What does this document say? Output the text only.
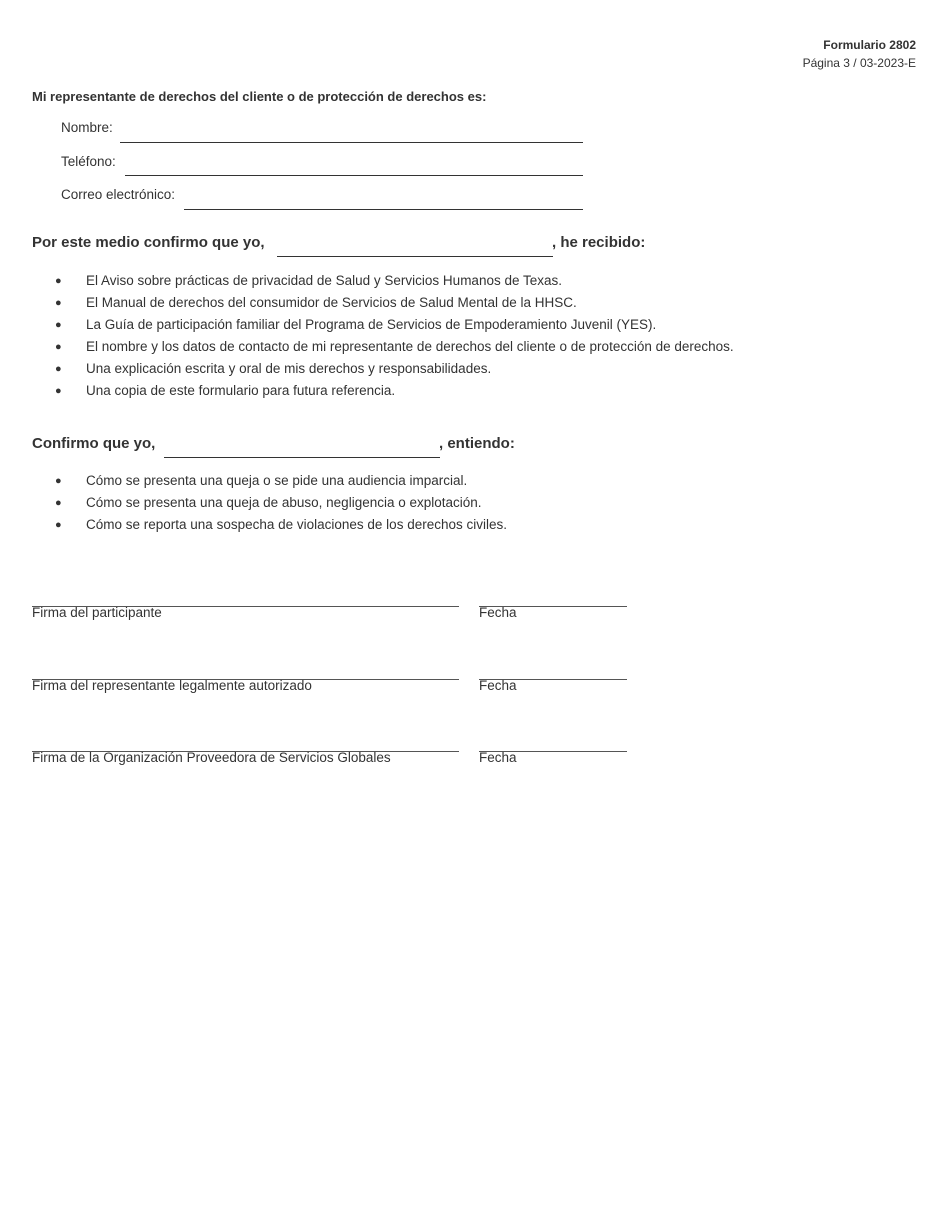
Formulario 2802
Página 3 / 03-2023-E
Mi representante de derechos del cliente o de protección de derechos es:
Nombre:
Teléfono:
Correo electrónico:
Por este medio confirmo que yo,	, he recibido:
● El Aviso sobre prácticas de privacidad de Salud y Servicios Humanos de Texas.
● El Manual de derechos del consumidor de Servicios de Salud Mental de la HHSC.
● La Guía de participación familiar del Programa de Servicios de Empoderamiento Juvenil (YES).
● El nombre y los datos de contacto de mi representante de derechos del cliente o de protección de derechos.
● Una explicación escrita y oral de mis derechos y responsabilidades.
● Una copia de este formulario para futura referencia.
Confirmo que yo,	, entiendo:
● Cómo se presenta una queja o se pide una audiencia imparcial.
● Cómo se presenta una queja de abuso, negligencia o explotación.
● Cómo se reporta una sospecha de violaciones de los derechos civiles.
Firma del participante	Fecha
Firma del representante legalmente autorizado	Fecha
Firma de la Organización Proveedora de Servicios Globales	Fecha
